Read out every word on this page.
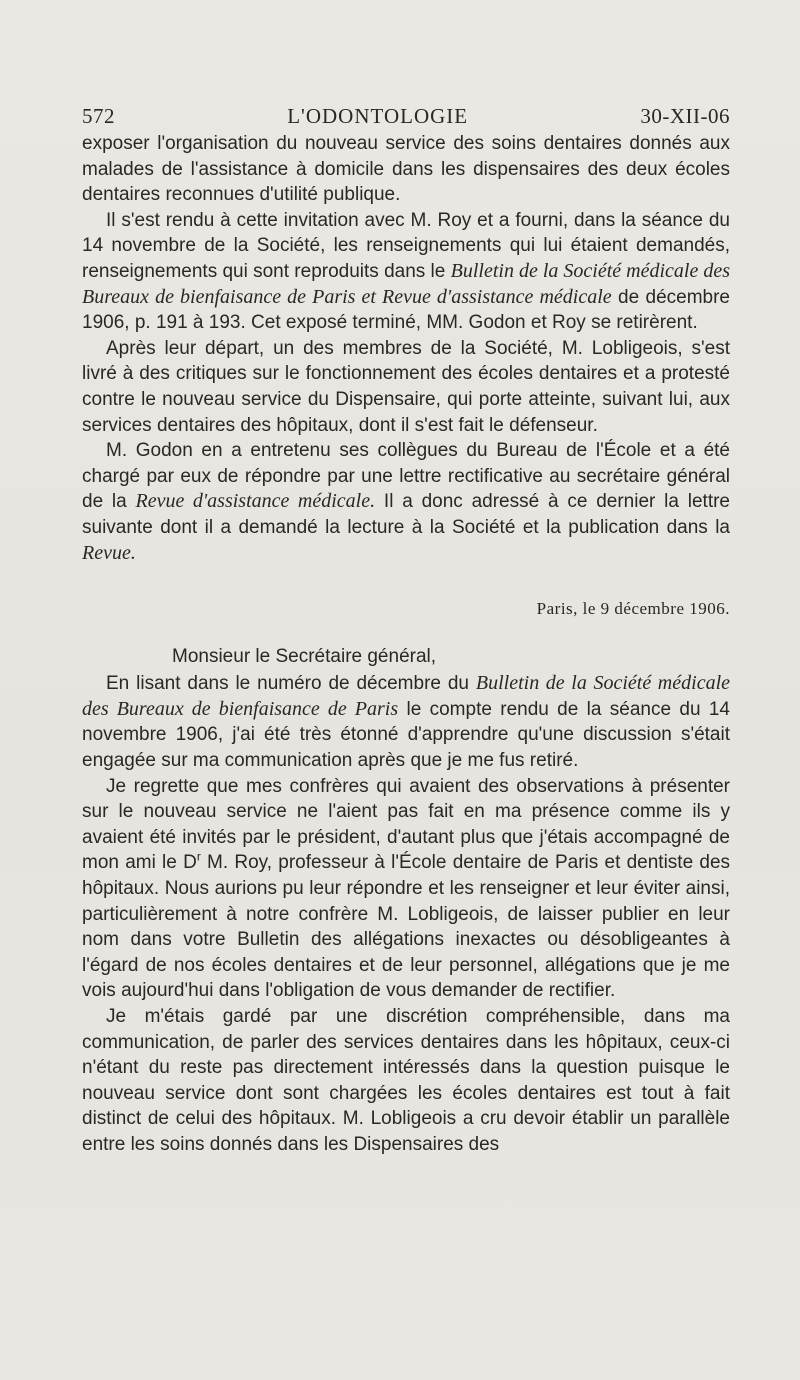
572	L'ODONTOLOGIE	30-XII-06

exposer l'organisation du nouveau service des soins dentaires donnés aux malades de l'assistance à domicile dans les dispensaires des deux écoles dentaires reconnues d'utilité publique.

Il s'est rendu à cette invitation avec M. Roy et a fourni, dans la séance du 14 novembre de la Société, les renseignements qui lui étaient demandés, renseignements qui sont reproduits dans le Bulletin de la Société médicale des Bureaux de bienfaisance de Paris et Revue d'assistance médicale de décembre 1906, p. 191 à 193. Cet exposé terminé, MM. Godon et Roy se retirèrent.

Après leur départ, un des membres de la Société, M. Lobligeois, s'est livré à des critiques sur le fonctionnement des écoles dentaires et a protesté contre le nouveau service du Dispensaire, qui porte atteinte, suivant lui, aux services dentaires des hôpitaux, dont il s'est fait le défenseur.

M. Godon en a entretenu ses collègues du Bureau de l'École et a été chargé par eux de répondre par une lettre rectificative au secrétaire général de la Revue d'assistance médicale. Il a donc adressé à ce dernier la lettre suivante dont il a demandé la lecture à la Société et la publication dans la Revue.

Paris, le 9 décembre 1906.
Monsieur le Secrétaire général,

En lisant dans le numéro de décembre du Bulletin de la Société médicale des Bureaux de bienfaisance de Paris le compte rendu de la séance du 14 novembre 1906, j'ai été très étonné d'apprendre qu'une discussion s'était engagée sur ma communication après que je me fus retiré.

Je regrette que mes confrères qui avaient des observations à présenter sur le nouveau service ne l'aient pas fait en ma présence comme ils y avaient été invités par le président, d'autant plus que j'étais accompagné de mon ami le $D^r$ M. Roy, professeur à l'École dentaire de Paris et dentiste des hôpitaux. Nous aurions pu leur répondre et les renseigner et leur éviter ainsi, particulièrement à notre confrère M. Lobligeois, de laisser publier en leur nom dans votre Bulletin des allégations inexactes ou désobligeantes à l'égard de nos écoles dentaires et de leur personnel, allégations que je me vois aujourd'hui dans l'obligation de vous demander de rectifier.

Je m'étais gardé par une discrétion compréhensible, dans ma communication, de parler des services dentaires dans les hôpitaux, ceux-ci n'étant du reste pas directement intéressés dans la question puisque le nouveau service dont sont chargées les écoles dentaires est tout à fait distinct de celui des hôpitaux. M. Lobligeois a cru devoir établir un parallèle entre les soins donnés dans les Dispensaires des
